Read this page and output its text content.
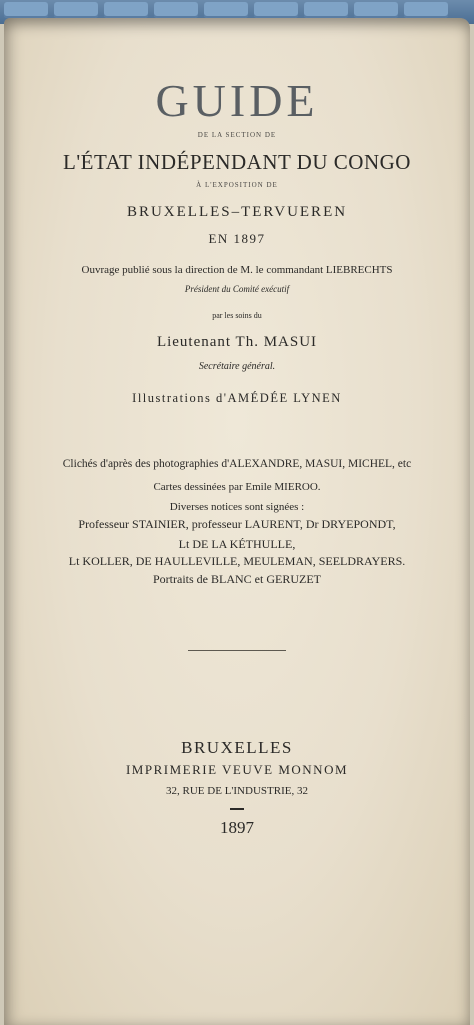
GUIDE
DE LA SECTION DE
L'ÉTAT INDÉPENDANT DU CONGO
À L'EXPOSITION DE
BRUXELLES–TERVUEREN
EN 1897
Ouvrage publié sous la direction de M. le commandant LIEBRECHTS
Président du Comité exécutif
par les soins du
Lieutenant Th. MASUI
Secrétaire général.
Illustrations d'AMÉDÉE LYNEN
Clichés d'après des photographies d'ALEXANDRE, MASUI, MICHEL, etc
Cartes dessinées par Emile MIEROO.
Diverses notices sont signées :
Professeur STAINIER, professeur LAURENT, Dr DRYEPONDT,
Lt DE LA KÉTHULLE,
Lt KOLLER, DE HAULLEVILLE, MEULEMAN, SEELDRAYERS.
Portraits de BLANC et GERUZET
BRUXELLES
IMPRIMERIE VEUVE MONNOM
32, RUE DE L'INDUSTRIE, 32
1897
